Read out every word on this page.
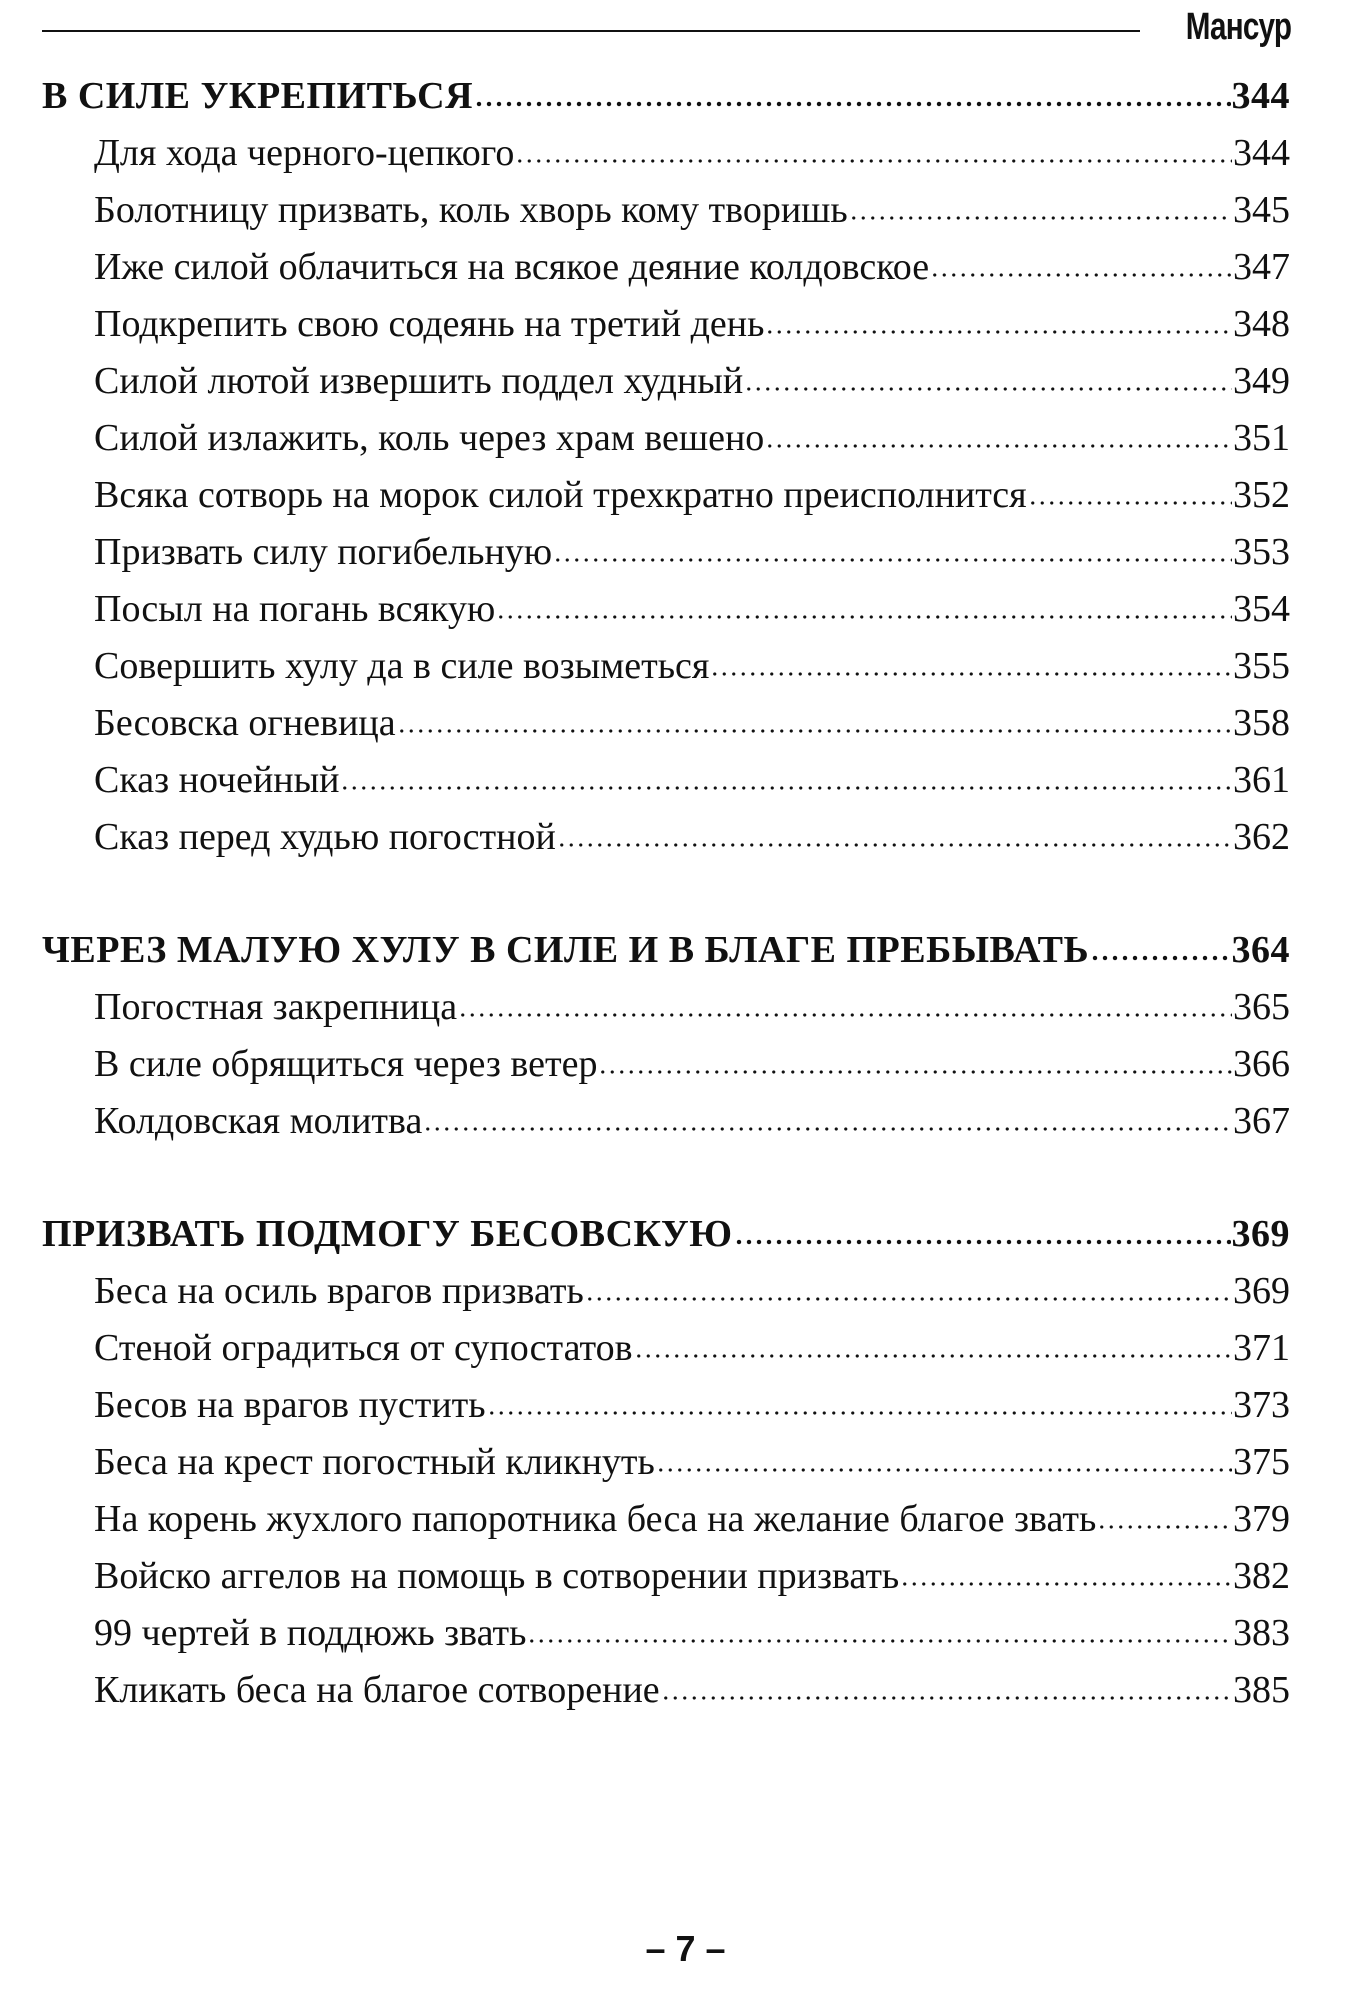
Мансур
В СИЛЕ УКРЕПИТЬСЯ	344
Для хода черного-цепкого	344
Болотницу призвать, коль хворь кому творишь	345
Иже силой облачиться на всякое деяние колдовское	347
Подкрепить свою содеянь на третий день	348
Силой лютой извершить поддел худный	349
Силой излажить, коль через храм вешено	351
Всяка сотворь на морок силой трехкратно преисполнится	352
Призвать силу погибельную	353
Посыл на погань всякую	354
Совершить хулу да в силе возыметься	355
Бесовска огневица	358
Сказ ночейный	361
Сказ перед худью погостной	362
ЧЕРЕЗ МАЛУЮ ХУЛУ В СИЛЕ И В БЛАГЕ ПРЕБЫВАТЬ	364
Погостная закрепница	365
В силе обрящиться через ветер	366
Колдовская молитва	367
ПРИЗВАТЬ ПОДМОГУ БЕСОВСКУЮ	369
Беса на осиль врагов призвать	369
Стеной оградиться от супостатов	371
Бесов на врагов пустить	373
Беса на крест погостный кликнуть	375
На корень жухлого папоротника беса на желание благое звать	379
Войско аггелов на помощь в сотворении призвать	382
99 чертей в поддюжь звать	383
Кликать беса на благое сотворение	385
– 7 –
